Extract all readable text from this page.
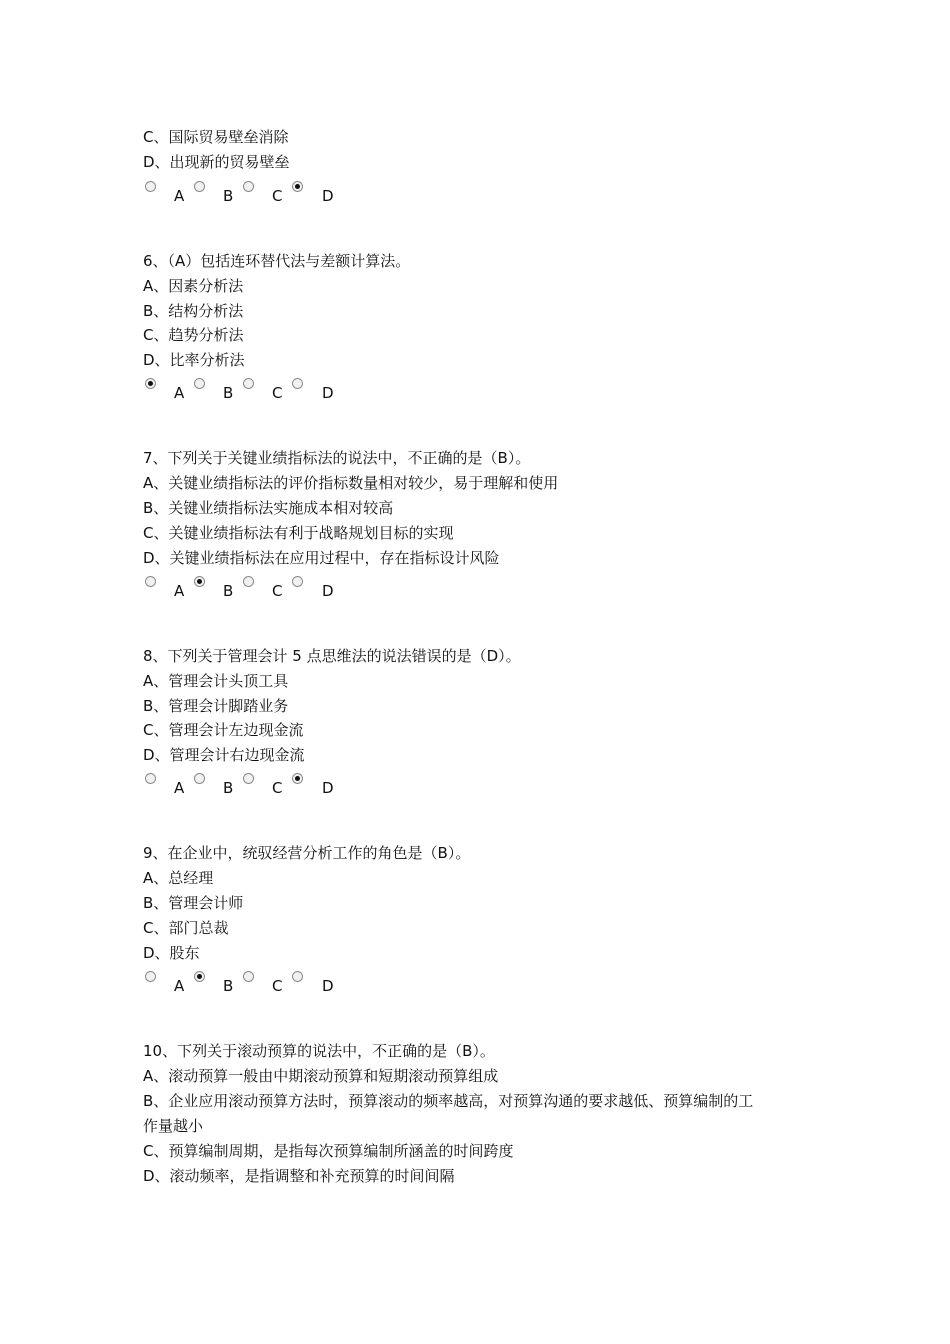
C、国际贸易壁垒消除
D、出现新的贸易壁垒
A	B	C	D
6、（A）包括连环替代法与差额计算法。
A、因素分析法
B、结构分析法
C、趋势分析法
D、比率分析法
A	B	C	D
7、下列关于关键业绩指标法的说法中，不正确的是（B）。
A、关键业绩指标法的评价指标数量相对较少，易于理解和使用
B、关键业绩指标法实施成本相对较高
C、关键业绩指标法有利于战略规划目标的实现
D、关键业绩指标法在应用过程中，存在指标设计风险
A	B	C	D
8、下列关于管理会计 5 点思维法的说法错误的是（D）。
A、管理会计头顶工具
B、管理会计脚踏业务
C、管理会计左边现金流
D、管理会计右边现金流
A	B	C	D
9、在企业中，统驭经营分析工作的角色是（B）。
A、总经理
B、管理会计师
C、部门总裁
D、股东
A	B	C	D
10、下列关于滚动预算的说法中，不正确的是（B）。
A、滚动预算一般由中期滚动预算和短期滚动预算组成
B、企业应用滚动预算方法时，预算滚动的频率越高，对预算沟通的要求越低、预算编制的工
作量越小
C、预算编制周期，是指每次预算编制所涵盖的时间跨度
D、滚动频率，是指调整和补充预算的时间间隔
